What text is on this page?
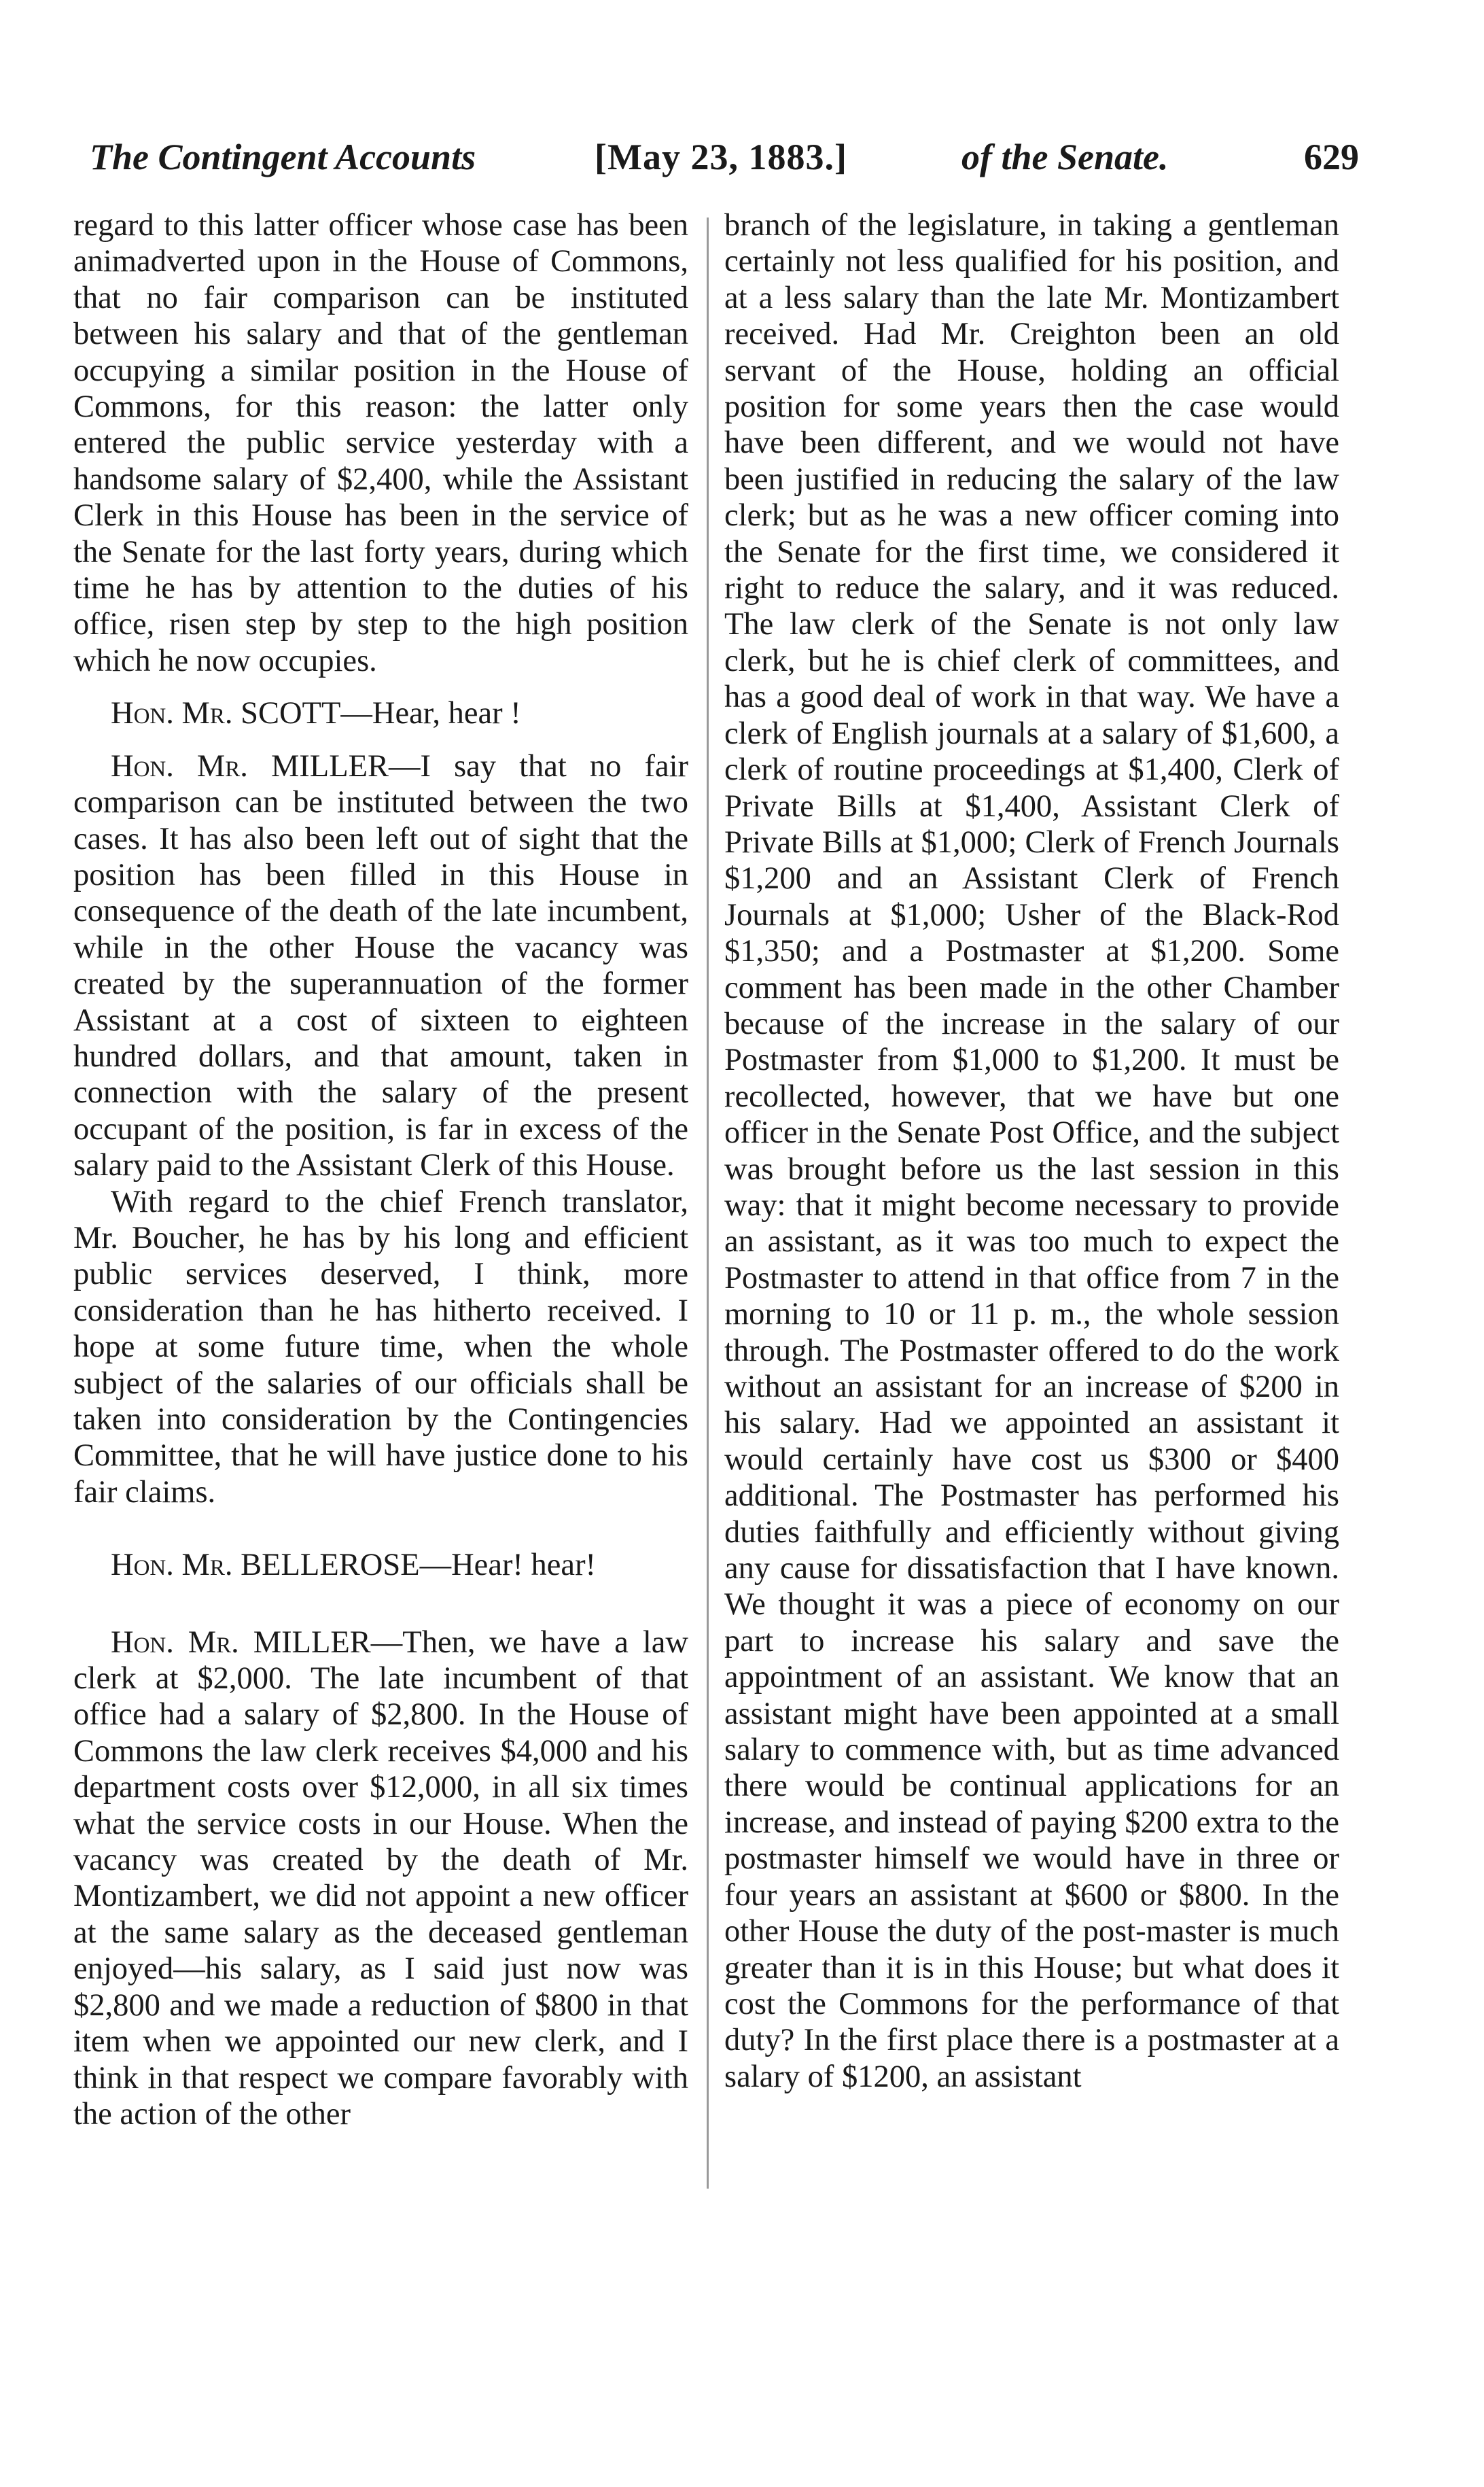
The Contingent Accounts	[May 23, 1883.]	of the Senate.	629

regard to this latter officer whose case has been animadverted upon in the House of Commons, that no fair comparison can be instituted between his salary and that of the gentleman occupying a similar position in the House of Commons, for this reason: the latter only entered the public service yesterday with a handsome salary of $2,400, while the Assistant Clerk in this House has been in the service of the Senate for the last forty years, during which time he has by attention to the duties of his office, risen step by step to the high position which he now occupies.

Hon. Mr. SCOTT—Hear, hear !

Hon. Mr. MILLER—I say that no fair comparison can be instituted between the two cases. It has also been left out of sight that the position has been filled in this House in consequence of the death of the late incumbent, while in the other House the vacancy was created by the superannuation of the former Assistant at a cost of sixteen to eighteen hundred dollars, and that amount, taken in connection with the salary of the present occupant of the position, is far in excess of the salary paid to the Assistant Clerk of this House.

With regard to the chief French translator, Mr. Boucher, he has by his long and efficient public services deserved, I think, more consideration than he has hitherto received. I hope at some future time, when the whole subject of the salaries of our officials shall be taken into consideration by the Contingencies Committee, that he will have justice done to his fair claims.

Hon. Mr. BELLEROSE—Hear! hear!

Hon. Mr. MILLER—Then, we have a law clerk at $2,000. The late incumbent of that office had a salary of $2,800. In the House of Commons the law clerk receives $4,000 and his department costs over $12,000, in all six times what the service costs in our House. When the vacancy was created by the death of Mr. Montizambert, we did not appoint a new officer at the same salary as the deceased gentleman enjoyed—his salary, as I said just now was $2,800 and we made a reduction of $800 in that item when we appointed our new clerk, and I think in that respect we compare favorably with the action of the other

branch of the legislature, in taking a gentleman certainly not less qualified for his position, and at a less salary than the late Mr. Montizambert received. Had Mr. Creighton been an old servant of the House, holding an official position for some years then the case would have been different, and we would not have been justified in reducing the salary of the law clerk; but as he was a new officer coming into the Senate for the first time, we considered it right to reduce the salary, and it was reduced. The law clerk of the Senate is not only law clerk, but he is chief clerk of committees, and has a good deal of work in that way. We have a clerk of English journals at a salary of $1,600, a clerk of routine proceedings at $1,400, Clerk of Private Bills at $1,400, Assistant Clerk of Private Bills at $1,000; Clerk of French Journals $1,200 and an Assistant Clerk of French Journals at $1,000; Usher of the Black-Rod $1,350; and a Postmaster at $1,200. Some comment has been made in the other Chamber because of the increase in the salary of our Postmaster from $1,000 to $1,200. It must be recollected, however, that we have but one officer in the Senate Post Office, and the subject was brought before us the last session in this way: that it might become necessary to provide an assistant, as it was too much to expect the Postmaster to attend in that office from 7 in the morning to 10 or 11 p. m., the whole session through. The Postmaster offered to do the work without an assistant for an increase of $200 in his salary. Had we appointed an assistant it would certainly have cost us $300 or $400 additional. The Postmaster has performed his duties faithfully and efficiently without giving any cause for dissatisfaction that I have known. We thought it was a piece of economy on our part to increase his salary and save the appointment of an assistant. We know that an assistant might have been appointed at a small salary to commence with, but as time advanced there would be continual applications for an increase, and instead of paying $200 extra to the postmaster himself we would have in three or four years an assistant at $600 or $800. In the other House the duty of the post-master is much greater than it is in this House; but what does it cost the Commons for the performance of that duty? In the first place there is a postmaster at a salary of $1200, an assistant
